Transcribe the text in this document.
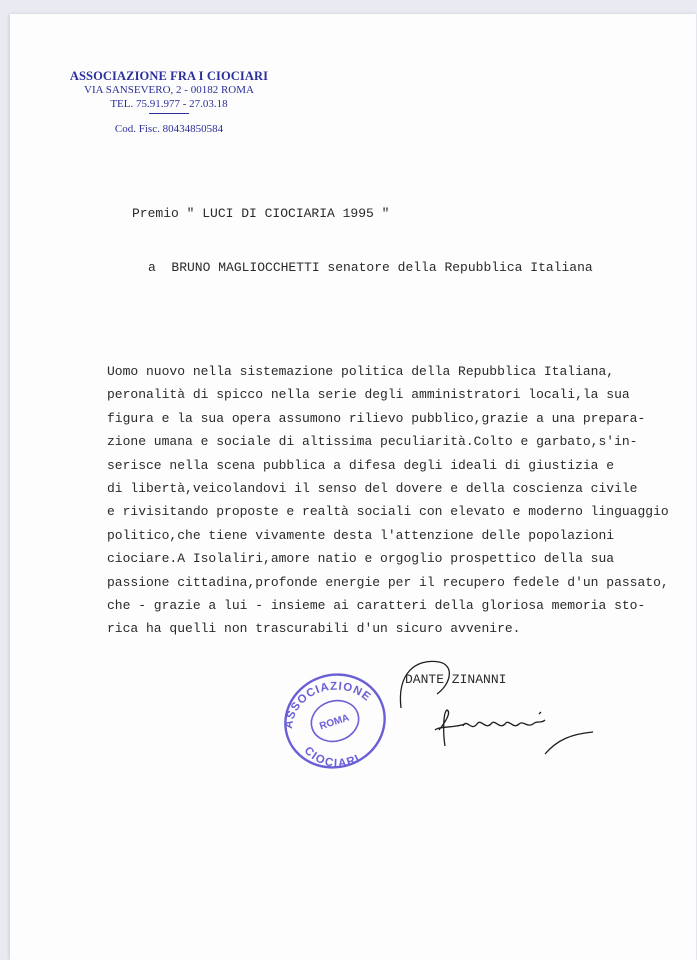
ASSOCIAZIONE FRA I CIOCIARI
VIA SANSEVERO, 2 - 00182 ROMA
TEL. 75.91.977 - 27.03.18
Cod. Fisc. 80434850584
Premio " LUCI DI CIOCIARIA 1995 "
a  BRUNO MAGLIOCCHETTI senatore della Repubblica Italiana
Uomo nuovo nella sistemazione politica della Repubblica Italiana,
peronalità di spicco nella serie degli amministratori locali,la sua
figura e la sua opera assumono rilievo pubblico,grazie a una prepara-
zione umana e sociale di altissima peculiarità.Colto e garbato,s'in-
serisce nella scena pubblica a difesa degli ideali di giustizia e
di libertà,veicolandovi il senso del dovere e della coscienza civile
e rivisitando proposte e realtà sociali con elevato e moderno linguaggio
politico,che tiene vivamente desta l'attenzione delle popolazioni
ciociare.A Isolaliri,amore natio e orgoglio prospettico della sua
passione cittadina,profonde energie per il recupero fedele d'un passato,
che - grazie a lui - insieme ai caratteri della gloriosa memoria sto-
rica ha quelli non trascurabili d'un sicuro avvenire.
ASSOCIAZIONE
ROMA
CIOCIARI
DANTE ZINANNI
